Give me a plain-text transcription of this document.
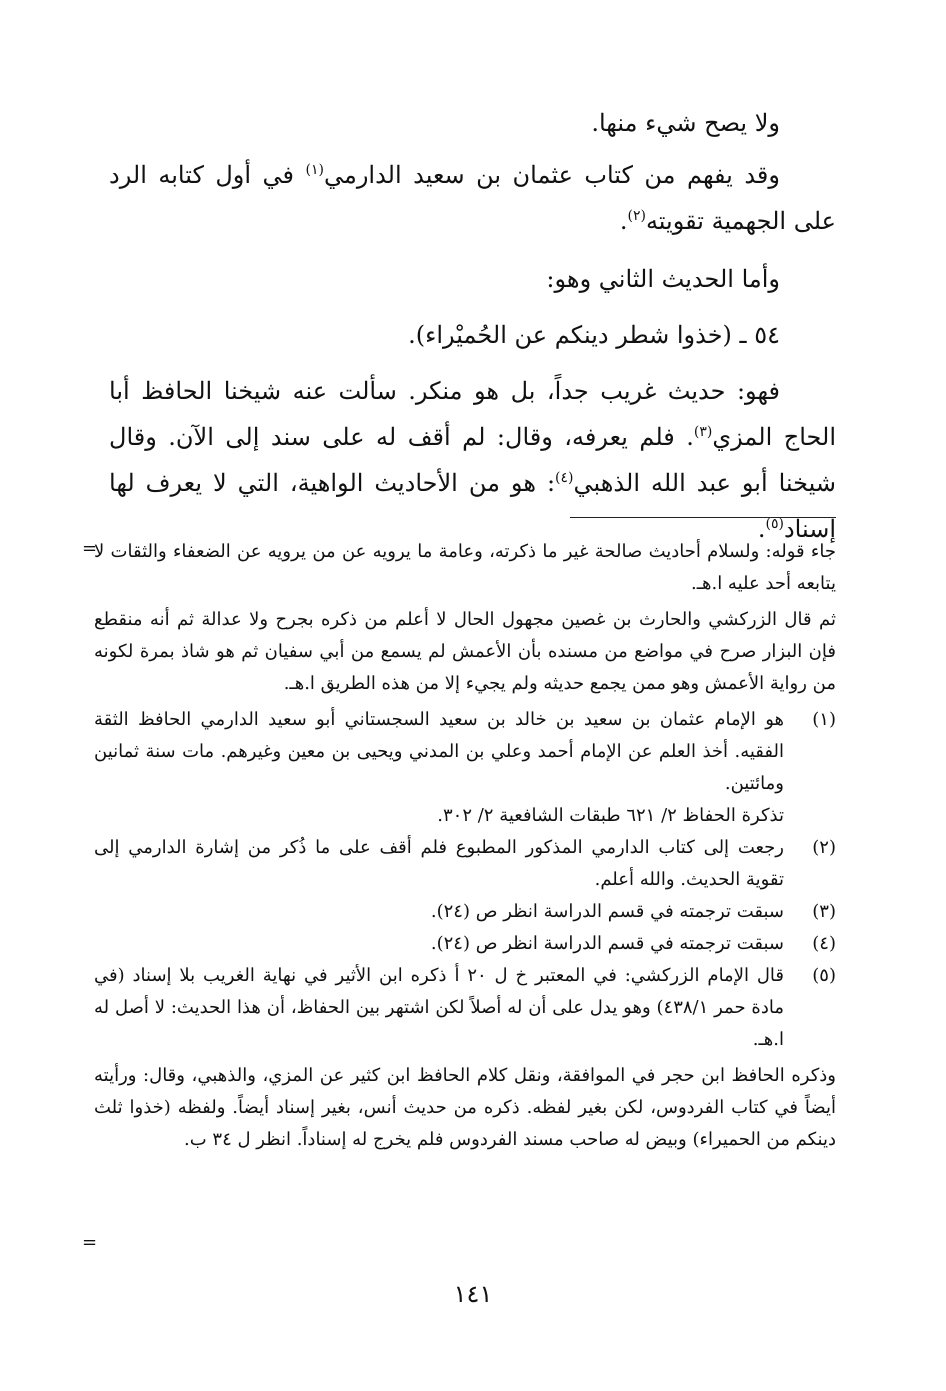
ولا يصح شيء منها.

وقد يفهم من كتاب عثمان بن سعيد الدارمي$^{(١)}$ في أول كتابه الرد على الجهمية تقويته$^{(٢)}$.

وأما الحديث الثاني وهو:

٥٤ ـ (خذوا شطر دينكم عن الحُميْراء).

فهو: حديث غريب جداً، بل هو منكر. سألت عنه شيخنا الحافظ أبا الحاج المزي$^{(٣)}$. فلم يعرفه، وقال: لم أقف له على سند إلى الآن. وقال شيخنا أبو عبد الله الذهبي$^{(٤)}$: هو من الأحاديث الواهية، التي لا يعرف لها إسناد$^{(٥)}$.

=

جاء قوله: ولسلام أحاديث صالحة غير ما ذكرته، وعامة ما يرويه عن من يرويه عن الضعفاء والثقات لا يتابعه أحد عليه ا.هـ.

ثم قال الزركشي والحارث بن غصين مجهول الحال لا أعلم من ذكره بجرح ولا عدالة ثم أنه منقطع فإن البزار صرح في مواضع من مسنده بأن الأعمش لم يسمع من أبي سفيان ثم هو شاذ بمرة لكونه من رواية الأعمش وهو ممن يجمع حديثه ولم يجيء إلا من هذه الطريق ا.هـ.

(١)

هو الإمام عثمان بن سعيد بن خالد بن سعيد السجستاني أبو سعيد الدارمي الحافظ الثقة الفقيه. أخذ العلم عن الإمام أحمد وعلي بن المدني ويحيى بن معين وغيرهم. مات سنة ثمانين ومائتين.

تذكرة الحفاظ ٢/ ٦٢١ طبقات الشافعية ٢/ ٣٠٢.

(٢)

رجعت إلى كتاب الدارمي المذكور المطبوع فلم أقف على ما ذُكر من إشارة الدارمي إلى تقوية الحديث. والله أعلم.

(٣)

سبقت ترجمته في قسم الدراسة انظر ص (٢٤).

(٤)

سبقت ترجمته في قسم الدراسة انظر ص (٢٤).

(٥)

قال الإمام الزركشي: في المعتبر خ ل ٢٠ أ ذكره ابن الأثير في نهاية الغريب بلا إسناد (في مادة حمر ٤٣٨/١) وهو يدل على أن له أصلاً لكن اشتهر بين الحفاظ، أن هذا الحديث: لا أصل له ا.هـ.

وذكره الحافظ ابن حجر في الموافقة، ونقل كلام الحافظ ابن كثير عن المزي، والذهبي، وقال: ورأيته أيضاً في كتاب الفردوس، لكن بغير لفظه. ذكره من حديث أنس، بغير إسناد أيضاً. ولفظه (خذوا ثلث دينكم من الحميراء) وبيض له صاحب مسند الفردوس فلم يخرج له إسناداً. انظر ل ٣٤ ب.

=
١٤١
